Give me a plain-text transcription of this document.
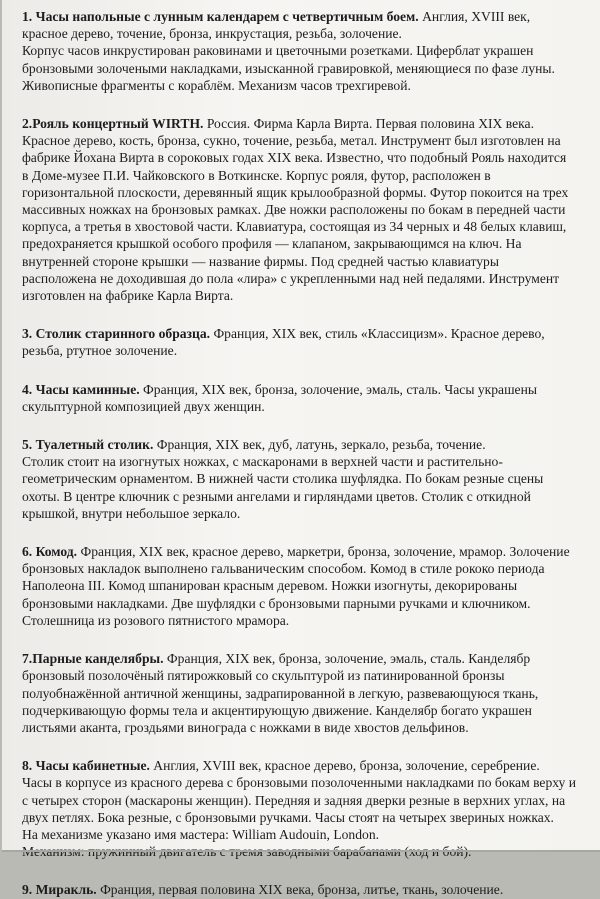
1. Часы напольные с лунным календарем с четвертичным боем. Англия, XVIII век,
красное дерево, точение, бронза, инкрустация, резьба, золочение.
Корпус часов инкрустирован раковинами и цветочными розетками. Циферблат украшен
бронзовыми золочеными накладками, изысканной гравировкой, меняющиеся по фазе луны.
Живописные фрагменты с кораблём. Механизм часов трехгиревой.
2.Рояль концертный WIRTH. Россия. Фирма Карла Вирта. Первая половина XIX века.
Красное дерево, кость, бронза, сукно, точение, резьба, метал. Инструмент был изготовлен на
фабрике Йохана Вирта в сороковых годах XIX века. Известно, что подобный Рояль находится
в Доме-музее П.И. Чайковского в Воткинске. Корпус рояля, футор, расположен в
горизонтальной плоскости, деревянный ящик крылообразной формы. Футор покоится на трех
массивных ножках на бронзовых рамках. Две ножки расположены по бокам в передней части
корпуса, а третья в хвостовой части. Клавиатура, состоящая из 34 черных и 48 белых клавиш,
предохраняется крышкой особого профиля — клапаном, закрывающимся на ключ. На
внутренней стороне крышки — название фирмы. Под средней частью клавиатуры
расположена не доходившая до пола «лира» с укрепленными над ней педалями. Инструмент
изготовлен на фабрике Карла Вирта.
3. Столик старинного образца. Франция, XIX век, стиль «Классицизм». Красное дерево,
резьба, ртутное золочение.
4. Часы каминные. Франция, XIX век, бронза, золочение, эмаль, сталь. Часы украшены
скульптурной композицией двух женщин.
5. Туалетный столик. Франция, XIX век, дуб, латунь, зеркало, резьба, точение.
Столик стоит на изогнутых ножках, с маскаронами в верхней части и растительно-
геометрическим орнаментом. В нижней части столика шуфлядка. По бокам резные сцены
охоты. В центре ключник с резными ангелами и гирляндами цветов. Столик с откидной
крышкой, внутри небольшое зеркало.
6. Комод. Франция, XIX век, красное дерево, маркетри, бронза, золочение, мрамор. Золочение
бронзовых накладок выполнено гальваническим способом. Комод в стиле рококо периода
Наполеона III. Комод шпанирован красным деревом. Ножки изогнуты, декорированы
бронзовыми накладками. Две шуфлядки с бронзовыми парными ручками и ключником.
Столешница из розового пятнистого мрамора.
7.Парные канделябры. Франция, XIX век, бронза, золочение, эмаль, сталь. Канделябр
бронзовый позолочёный пятирожковый со скульптурой из патинированной бронзы
полуобнажённой античной женщины, задрапированной в легкую, развевающуюся ткань,
подчеркивающую формы тела и акцентирующую движение. Канделябр богато украшен
листьями аканта, гроздьями винограда с ножками в виде хвостов дельфинов.
8. Часы кабинетные. Англия, XVIII век, красное дерево, бронза, золочение, серебрение.
Часы в корпусе из красного дерева с бронзовыми позолоченными накладками по бокам верху и
с четырех сторон (маскароны женщин). Передняя и задняя дверки резные в верхних углах, на
двух петлях. Бока резные, с бронзовыми ручками. Часы стоят на четырех звериных ножках.
На механизме указано имя мастера: William Audouin, London.
9. Миракль. Франция, первая половина XIX века, бронза, литье, ткань, золочение.
